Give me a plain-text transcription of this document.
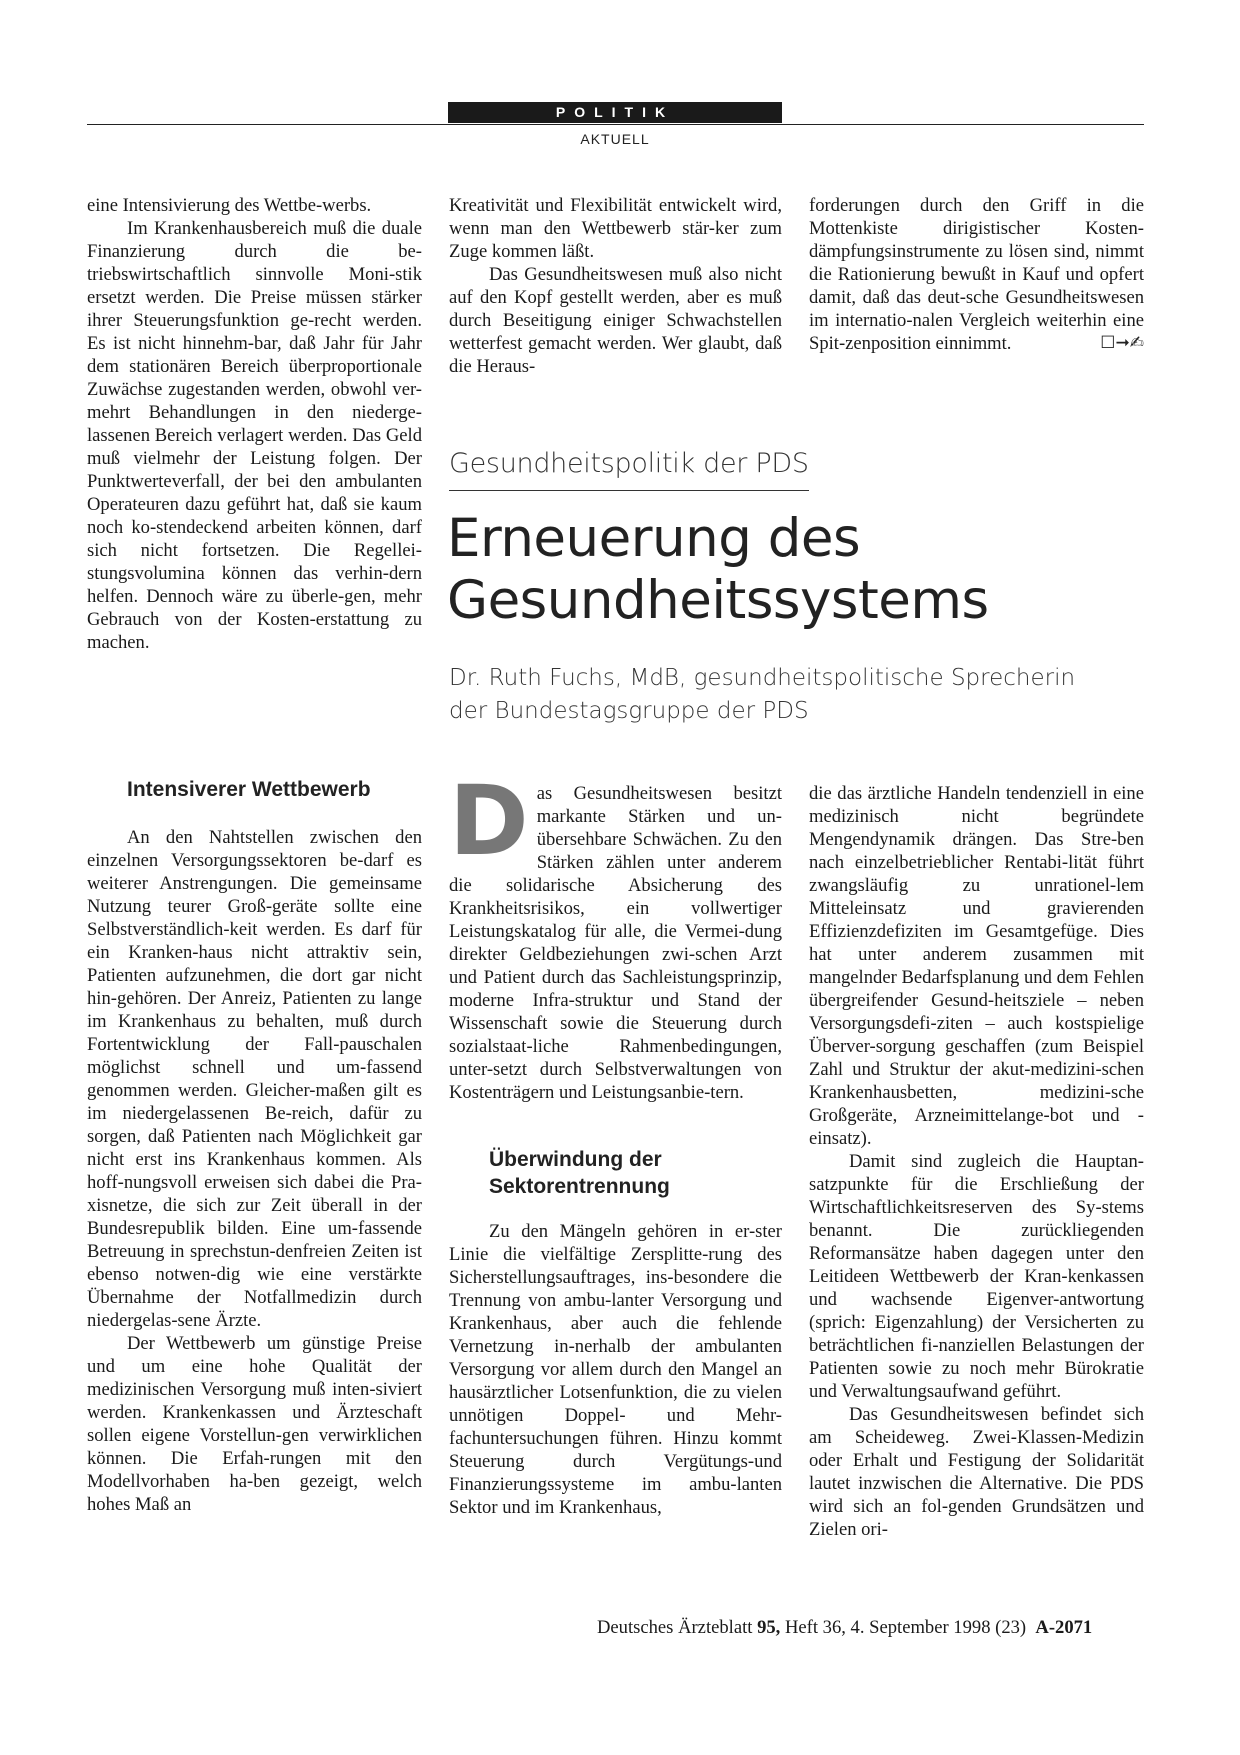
POLITIK
AKTUELL

eine Intensivierung des Wettbe-werbs.

Im Krankenhausbereich muß die duale Finanzierung durch die be-triebswirtschaftlich sinnvolle Moni-stik ersetzt werden. Die Preise müssen stärker ihrer Steuerungsfunktion ge-recht werden. Es ist nicht hinnehm-bar, daß Jahr für Jahr dem stationären Bereich überproportionale Zuwächse zugestanden werden, obwohl ver-mehrt Behandlungen in den niederge-lassenen Bereich verlagert werden. Das Geld muß vielmehr der Leistung folgen. Der Punktwerteverfall, der bei den ambulanten Operateuren dazu geführt hat, daß sie kaum noch ko-stendeckend arbeiten können, darf sich nicht fortsetzen. Die Regellei-stungsvolumina können das verhin-dern helfen. Dennoch wäre zu überle-gen, mehr Gebrauch von der Kosten-erstattung zu machen.

Intensiverer Wettbewerb

An den Nahtstellen zwischen den einzelnen Versorgungssektoren be-darf es weiterer Anstrengungen. Die gemeinsame Nutzung teurer Groß-geräte sollte eine Selbstverständlich-keit werden. Es darf für ein Kranken-haus nicht attraktiv sein, Patienten aufzunehmen, die dort gar nicht hin-gehören. Der Anreiz, Patienten zu lange im Krankenhaus zu behalten, muß durch Fortentwicklung der Fall-pauschalen möglichst schnell und um-fassend genommen werden. Gleicher-maßen gilt es im niedergelassenen Be-reich, dafür zu sorgen, daß Patienten nach Möglichkeit gar nicht erst ins Krankenhaus kommen. Als hoff-nungsvoll erweisen sich dabei die Pra-xisnetze, die sich zur Zeit überall in der Bundesrepublik bilden. Eine um-fassende Betreuung in sprechstun-denfreien Zeiten ist ebenso notwen-dig wie eine verstärkte Übernahme der Notfallmedizin durch niedergelas-sene Ärzte.

Der Wettbewerb um günstige Preise und um eine hohe Qualität der medizinischen Versorgung muß inten-siviert werden. Krankenkassen und Ärzteschaft sollen eigene Vorstellun-gen verwirklichen können. Die Erfah-rungen mit den Modellvorhaben ha-ben gezeigt, welch hohes Maß an

Kreativität und Flexibilität entwickelt wird, wenn man den Wettbewerb stär-ker zum Zuge kommen läßt.

Das Gesundheitswesen muß also nicht auf den Kopf gestellt werden, aber es muß durch Beseitigung einiger Schwachstellen wetterfest gemacht werden. Wer glaubt, daß die Heraus-

forderungen durch den Griff in die Mottenkiste dirigistischer Kosten-dämpfungsinstrumente zu lösen sind, nimmt die Rationierung bewußt in Kauf und opfert damit, daß das deut-sche Gesundheitswesen im internatio-nalen Vergleich weiterhin eine Spit-zenposition einnimmt.	☐➞✍

Gesundheitspolitik der PDS
Erneuerung des
Gesundheitssystems
Dr. Ruth Fuchs, MdB, gesundheitspolitische Sprecherin
der Bundestagsgruppe der PDS

Das Gesundheitswesen besitzt markante Stärken und un-übersehbare Schwächen. Zu den Stärken zählen unter anderem die solidarische Absicherung des Krankheitsrisikos, ein vollwertiger Leistungskatalog für alle, die Vermei-dung direkter Geldbeziehungen zwi-schen Arzt und Patient durch das Sachleistungsprinzip, moderne Infra-struktur und Stand der Wissenschaft sowie die Steuerung durch sozialstaat-liche Rahmenbedingungen, unter-setzt durch Selbstverwaltungen von Kostenträgern und Leistungsanbie-tern.

Überwindung der
Sektorentrennung

Zu den Mängeln gehören in er-ster Linie die vielfältige Zersplitte-rung des Sicherstellungsauftrages, ins-besondere die Trennung von ambu-lanter Versorgung und Krankenhaus, aber auch die fehlende Vernetzung in-nerhalb der ambulanten Versorgung vor allem durch den Mangel an hausärztlicher Lotsenfunktion, die zu vielen unnötigen Doppel- und Mehr-fachuntersuchungen führen. Hinzu kommt Steuerung durch Vergütungs-und Finanzierungssysteme im ambu-lanten Sektor und im Krankenhaus,

die das ärztliche Handeln tendenziell in eine medizinisch nicht begründete Mengendynamik drängen. Das Stre-ben nach einzelbetrieblicher Rentabi-lität führt zwangsläufig zu unrationel-lem Mitteleinsatz und gravierenden Effizienzdefiziten im Gesamtgefüge. Dies hat unter anderem zusammen mit mangelnder Bedarfsplanung und dem Fehlen übergreifender Gesund-heitsziele – neben Versorgungsdefi-ziten – auch kostspielige Überver-sorgung geschaffen (zum Beispiel Zahl und Struktur der akut-medizini-schen Krankenhausbetten, medizini-sche Großgeräte, Arzneimittelange-bot und -einsatz).

Damit sind zugleich die Hauptan-satzpunkte für die Erschließung der Wirtschaftlichkeitsreserven des Sy-stems benannt. Die zurückliegenden Reformansätze haben dagegen unter den Leitideen Wettbewerb der Kran-kenkassen und wachsende Eigenver-antwortung (sprich: Eigenzahlung) der Versicherten zu beträchtlichen fi-nanziellen Belastungen der Patienten sowie zu noch mehr Bürokratie und Verwaltungsaufwand geführt.

Das Gesundheitswesen befindet sich am Scheideweg. Zwei-Klassen-Medizin oder Erhalt und Festigung der Solidarität lautet inzwischen die Alternative. Die PDS wird sich an fol-genden Grundsätzen und Zielen ori-

Deutsches Ärzteblatt 95, Heft 36, 4. September 1998 (23) A-2071
